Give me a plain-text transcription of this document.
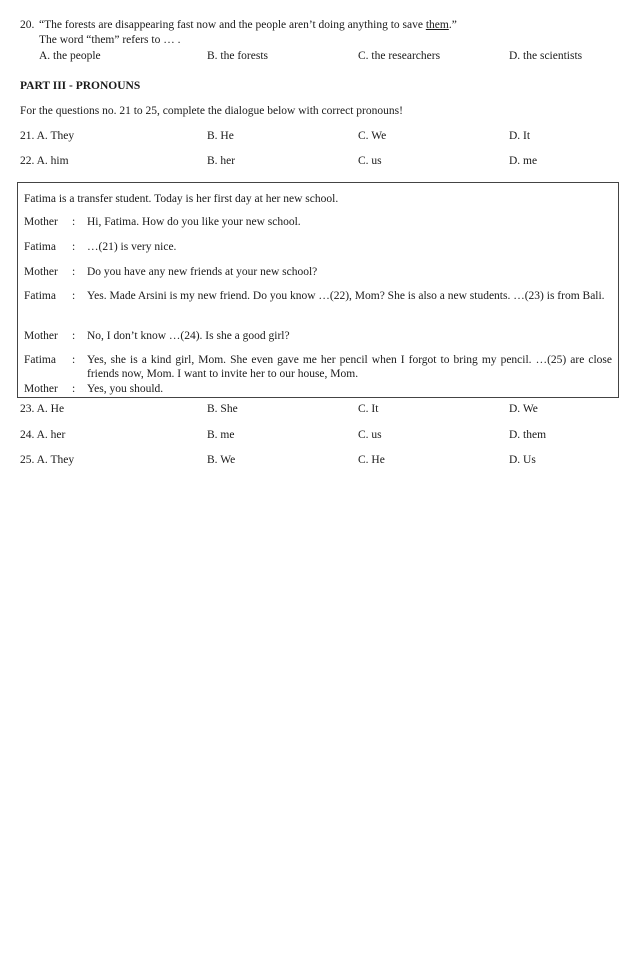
20. “The forests are disappearing fast now and the people aren’t doing anything to save them.”
The word “them” refers to … .
A. the people	B. the forests	C. the researchers	D. the scientists
PART III - PRONOUNS
For the questions no. 21 to 25, complete the dialogue below with correct pronouns!
21. A. They	B. He	C. We	D. It
22. A. him	B. her	C. us	D. me
Fatima is a transfer student. Today is her first day at her new school.
Mother	: Hi, Fatima. How do you like your new school.
Fatima	: …(21) is very nice.
Mother	: Do you have any new friends at your new school?
Fatima	: Yes. Made Arsini is my new friend. Do you know …(22), Mom? She is also a new students. …(23) is from Bali.
Mother	: No, I don’t know …(24). Is she a good girl?
Fatima	: Yes, she is a kind girl, Mom. She even gave me her pencil when I forgot to bring my pencil. …(25) are close friends now, Mom. I want to invite her to our house, Mom.
Mother	: Yes, you should.
23. A. He	B. She	C. It	D. We
24. A. her	B. me	C. us	D. them
25. A. They	B. We	C. He	D. Us
